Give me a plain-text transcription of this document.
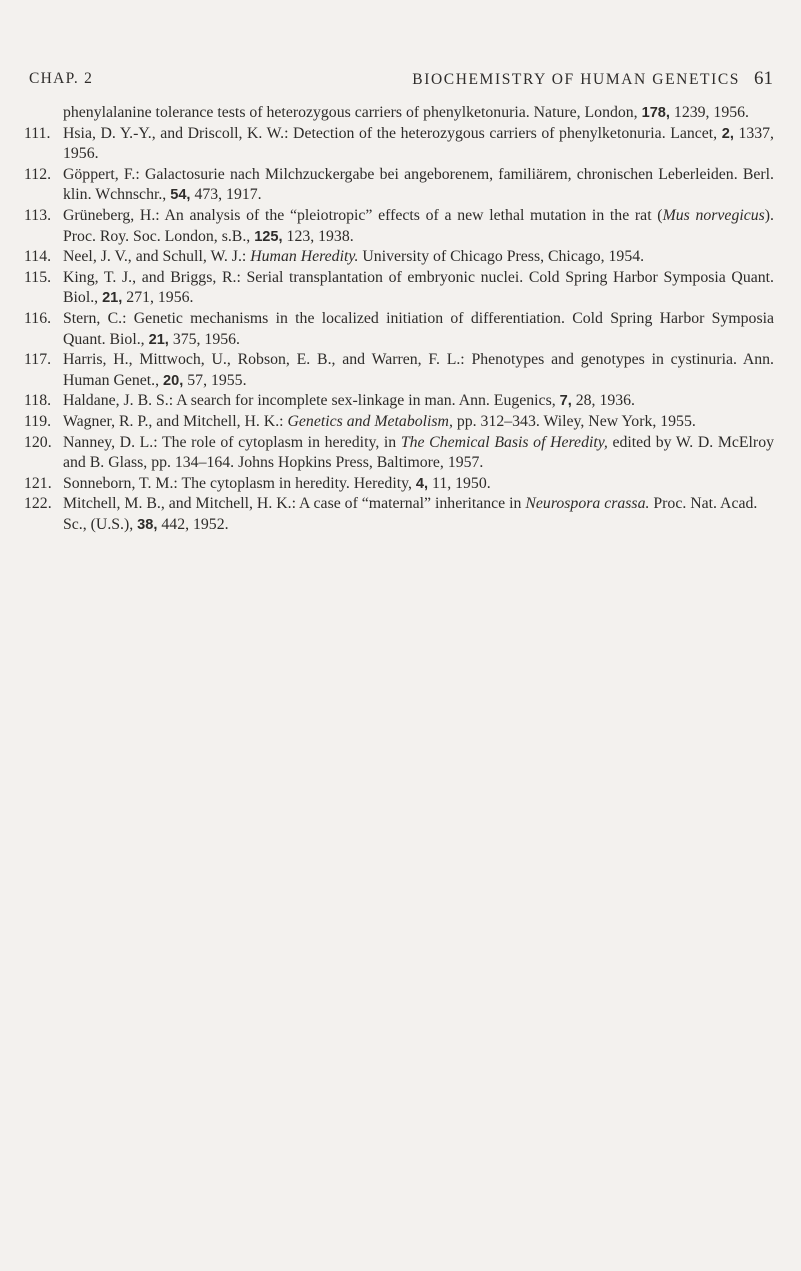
CHAP. 2	BIOCHEMISTRY OF HUMAN GENETICS 61
phenylalanine tolerance tests of heterozygous carriers of phenylketonuria. Nature, London, 178, 1239, 1956.
111. Hsia, D. Y.-Y., and Driscoll, K. W.: Detection of the heterozygous carriers of phenylketonuria. Lancet, 2, 1337, 1956.
112. Göppert, F.: Galactosurie nach Milchzuckergabe bei angeborenem, familiärem, chronischen Leberleiden. Berl. klin. Wchnschr., 54, 473, 1917.
113. Grüneberg, H.: An analysis of the “pleiotropic” effects of a new lethal mutation in the rat (Mus norvegicus). Proc. Roy. Soc. London, s.B., 125, 123, 1938.
114. Neel, J. V., and Schull, W. J.: Human Heredity. University of Chicago Press, Chicago, 1954.
115. King, T. J., and Briggs, R.: Serial transplantation of embryonic nuclei. Cold Spring Harbor Symposia Quant. Biol., 21, 271, 1956.
116. Stern, C.: Genetic mechanisms in the localized initiation of differentiation. Cold Spring Harbor Symposia Quant. Biol., 21, 375, 1956.
117. Harris, H., Mittwoch, U., Robson, E. B., and Warren, F. L.: Phenotypes and genotypes in cystinuria. Ann. Human Genet., 20, 57, 1955.
118. Haldane, J. B. S.: A search for incomplete sex-linkage in man. Ann. Eugenics, 7, 28, 1936.
119. Wagner, R. P., and Mitchell, H. K.: Genetics and Metabolism, pp. 312–343. Wiley, New York, 1955.
120. Nanney, D. L.: The role of cytoplasm in heredity, in The Chemical Basis of Heredity, edited by W. D. McElroy and B. Glass, pp. 134–164. Johns Hopkins Press, Baltimore, 1957.
121. Sonneborn, T. M.: The cytoplasm in heredity. Heredity, 4, 11, 1950.
122. Mitchell, M. B., and Mitchell, H. K.: A case of “maternal” inheritance in Neurospora crassa. Proc. Nat. Acad. Sc., (U.S.), 38, 442, 1952.
